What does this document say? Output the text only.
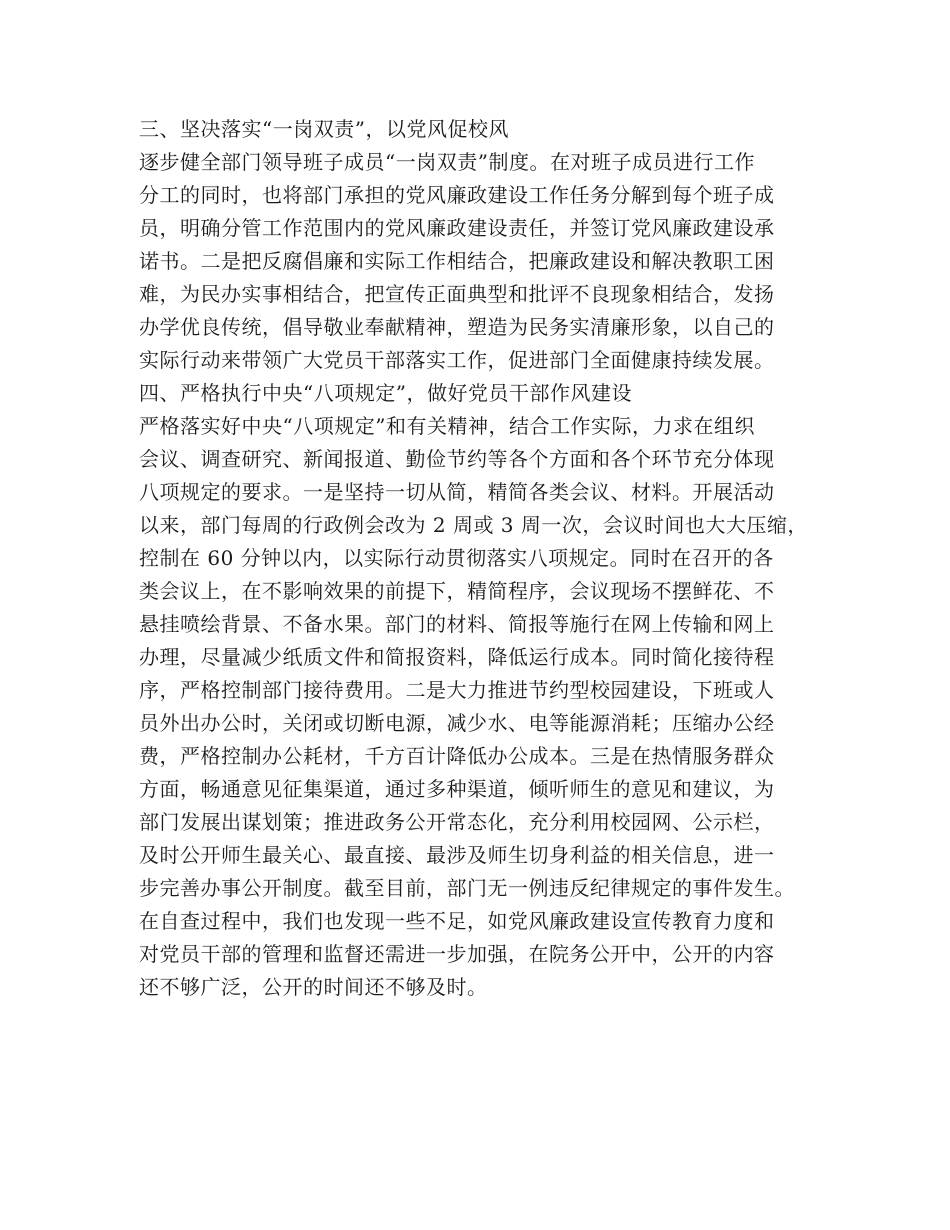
三、坚决落实“一岗双责”，以党风促校风
逐步健全部门领导班子成员“一岗双责”制度。在对班子成员进行工作
分工的同时，也将部门承担的党风廉政建设工作任务分解到每个班子成
员，明确分管工作范围内的党风廉政建设责任，并签订党风廉政建设承
诺书。二是把反腐倡廉和实际工作相结合，把廉政建设和解决教职工困
难，为民办实事相结合，把宣传正面典型和批评不良现象相结合，发扬
办学优良传统，倡导敬业奉献精神，塑造为民务实清廉形象，以自己的
实际行动来带领广大党员干部落实工作，促进部门全面健康持续发展。
四、严格执行中央“八项规定”，做好党员干部作风建设
严格落实好中央“八项规定”和有关精神，结合工作实际，力求在组织
会议、调查研究、新闻报道、勤俭节约等各个方面和各个环节充分体现
八项规定的要求。一是坚持一切从简，精简各类会议、材料。开展活动
以来，部门每周的行政例会改为 2 周或 3 周一次，会议时间也大大压缩，
控制在 60 分钟以内，以实际行动贯彻落实八项规定。同时在召开的各
类会议上，在不影响效果的前提下，精简程序，会议现场不摆鲜花、不
悬挂喷绘背景、不备水果。部门的材料、简报等施行在网上传输和网上
办理，尽量减少纸质文件和简报资料，降低运行成本。同时简化接待程
序，严格控制部门接待费用。二是大力推进节约型校园建设，下班或人
员外出办公时，关闭或切断电源，减少水、电等能源消耗；压缩办公经
费，严格控制办公耗材，千方百计降低办公成本。三是在热情服务群众
方面，畅通意见征集渠道，通过多种渠道，倾听师生的意见和建议，为
部门发展出谋划策；推进政务公开常态化，充分利用校园网、公示栏，
及时公开师生最关心、最直接、最涉及师生切身利益的相关信息，进一
步完善办事公开制度。截至目前，部门无一例违反纪律规定的事件发生。
在自查过程中，我们也发现一些不足，如党风廉政建设宣传教育力度和
对党员干部的管理和监督还需进一步加强，在院务公开中，公开的内容
还不够广泛，公开的时间还不够及时。
